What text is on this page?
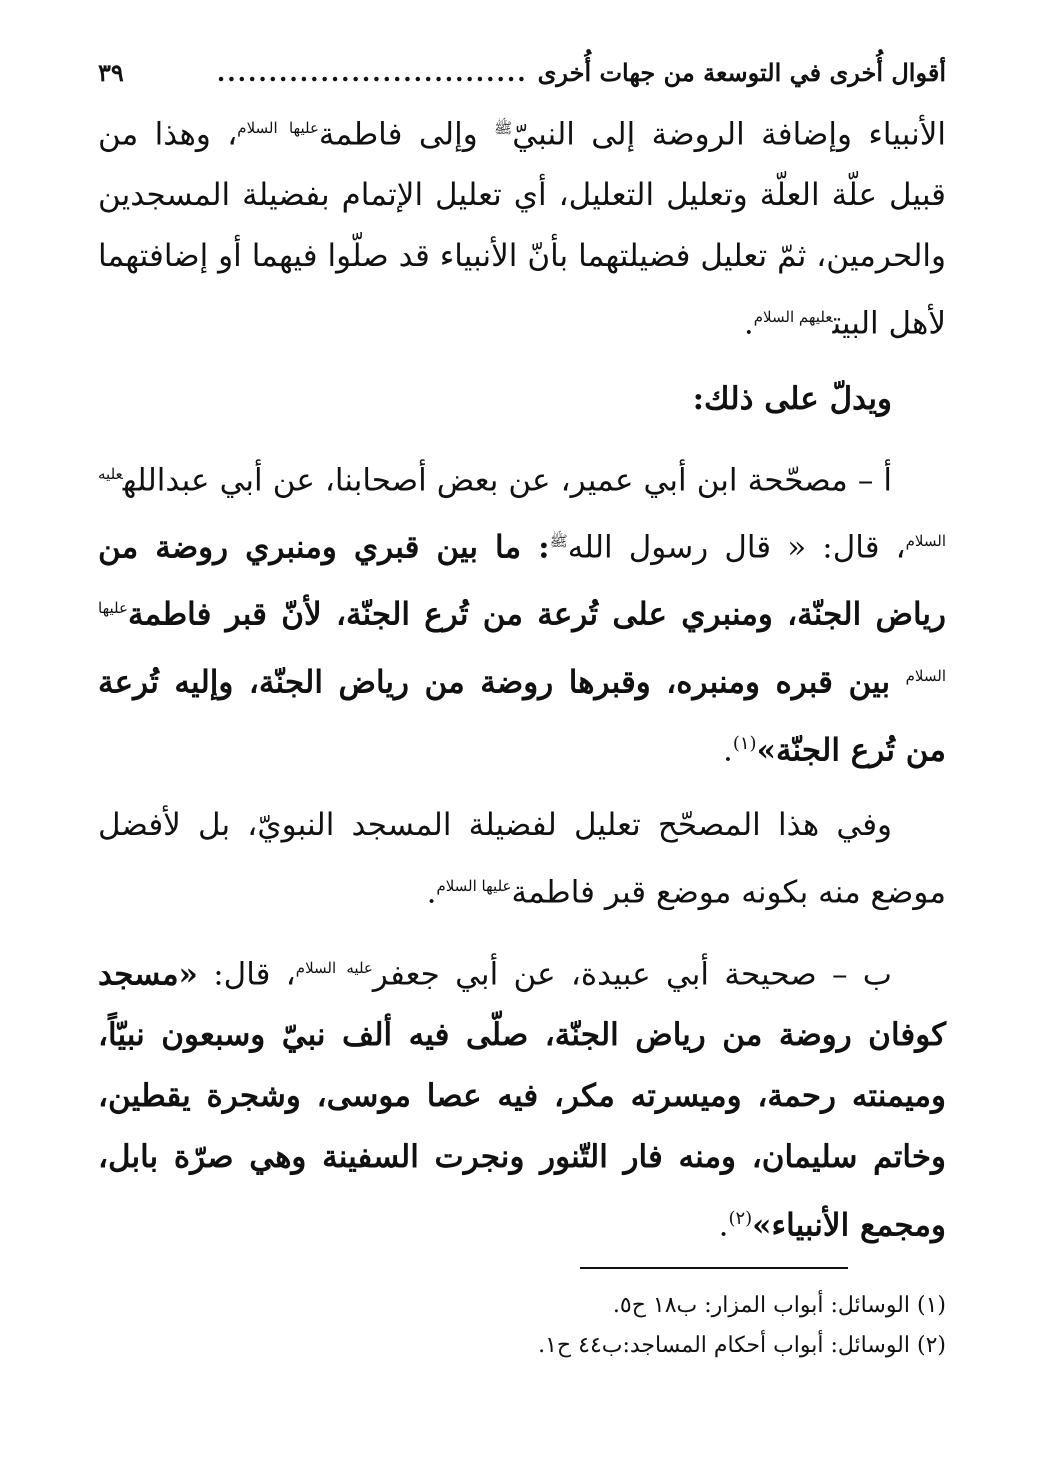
أقوال أُخرى في التوسعة من جهات أُخرى
..............................
٣٩

الأنبياء وإضافة الروضة إلى النبيّ$^ﷺ$ وإلى فاطمة$^{عليها السلام}$، وهذا من قبيل علّة العلّة وتعليل التعليل، أي تعليل الإتمام بفضيلة المسجدين والحرمين، ثمّ تعليل فضيلتهما بأنّ الأنبياء قد صلّوا فيهما أو إضافتهما لأهل البيت$^{عليهم السلام}$.

ويدلّ على ذلك:

أ – مصحّحة ابن أبي عمير، عن بعض أصحابنا، عن أبي عبدالله$^{عليه السلام}$، قال: « قال رسول الله$^ﷺ$: ما بين قبري ومنبري روضة من رياض الجنّة، ومنبري على تُرعة من تُرع الجنّة، لأنّ قبر فاطمة$^{عليها السلام}$ بين قبره ومنبره، وقبرها روضة من رياض الجنّة، وإليه تُرعة من تُرع الجنّة»$^{(١)}$.

وفي هذا المصحّح تعليل لفضيلة المسجد النبويّ، بل لأفضل موضع منه بكونه موضع قبر فاطمة$^{عليها السلام}$.

ب – صحيحة أبي عبيدة، عن أبي جعفر$^{عليه السلام}$، قال: «مسجد كوفان روضة من رياض الجنّة، صلّى فيه ألف نبيّ وسبعون نبيّاً، وميمنته رحمة، وميسرته مكر، فيه عصا موسى، وشجرة يقطين، وخاتم سليمان، ومنه فار التّنور ونجرت السفينة وهي صرّة بابل، ومجمع الأنبياء»$^{(٢)}$.

(١) الوسائل: أبواب المزار: ب١٨ ح٥.
(٢) الوسائل: أبواب أحكام المساجد:ب٤٤ ح١.
